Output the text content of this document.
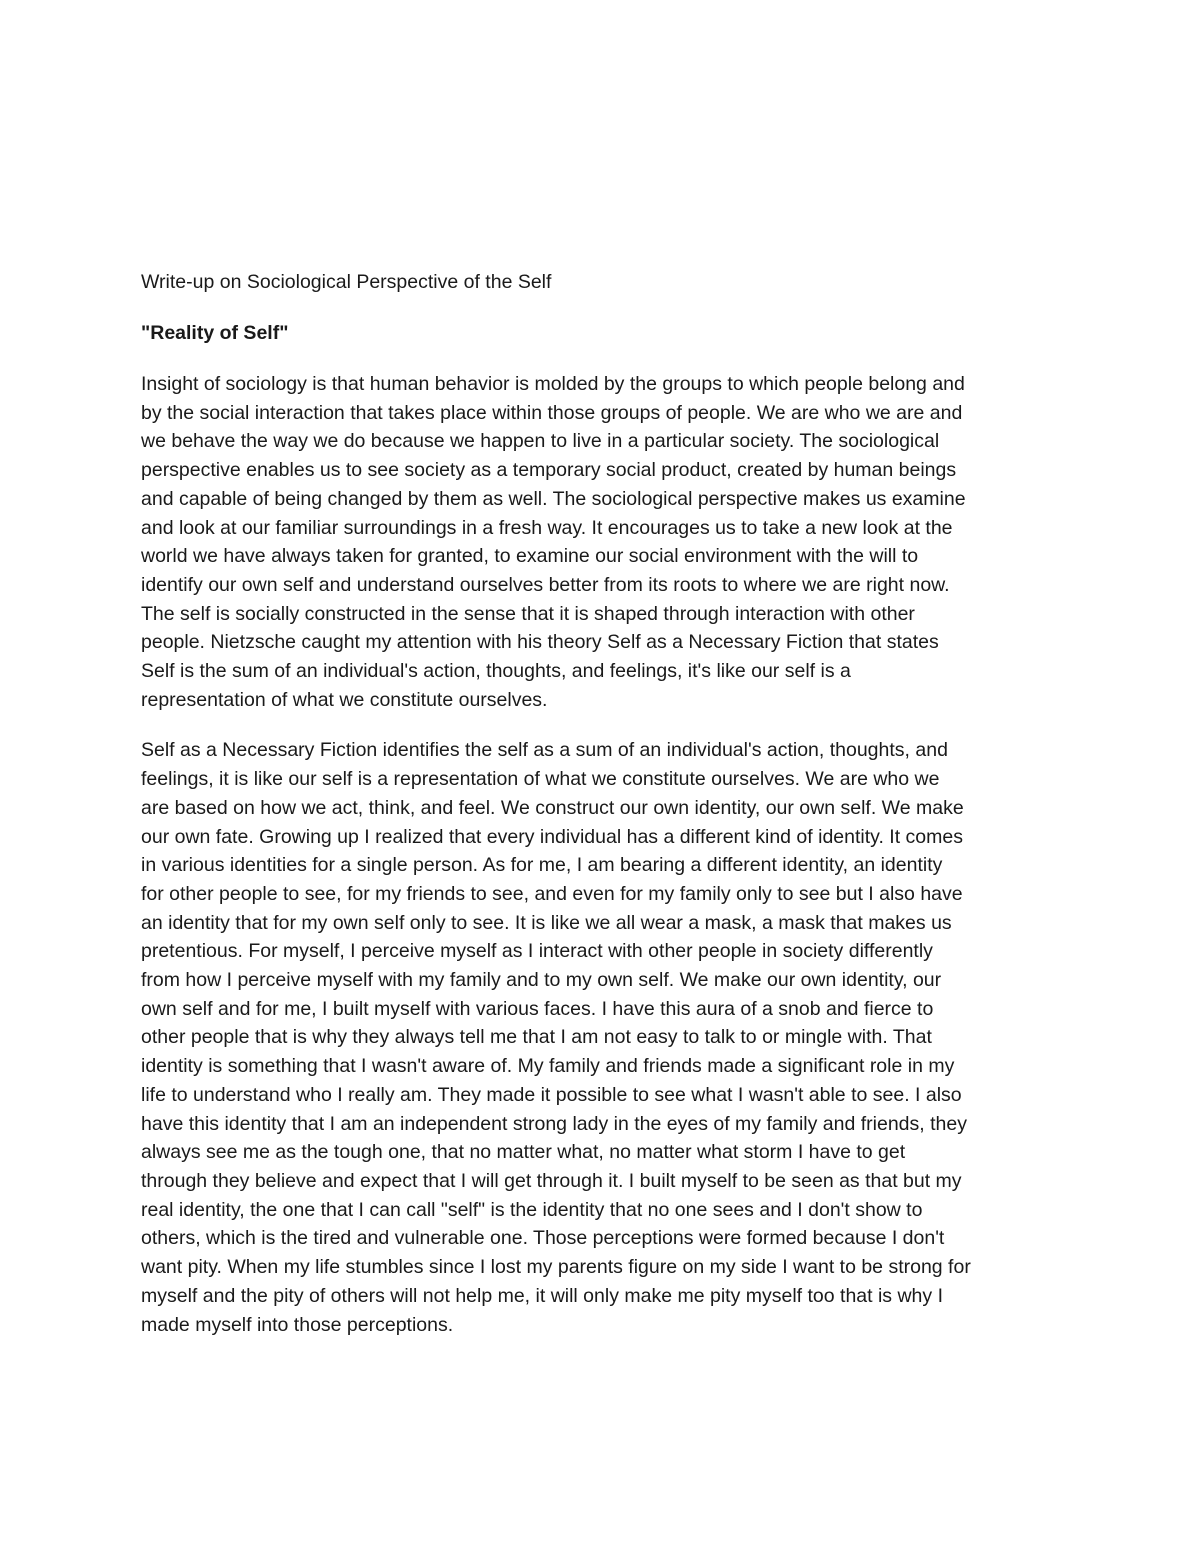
Write-up on Sociological Perspective of the Self
"Reality of Self"
Insight of sociology is that human behavior is molded by the groups to which people belong and
by the social interaction that takes place within those groups of people. We are who we are and
we behave the way we do because we happen to live in a particular society. The sociological
perspective enables us to see society as a temporary social product, created by human beings
and capable of being changed by them as well. The sociological perspective makes us examine
and look at our familiar surroundings in a fresh way. It encourages us to take a new look at the
world we have always taken for granted, to examine our social environment with the will to
identify our own self and understand ourselves better from its roots to where we are right now.
The self is socially constructed in the sense that it is shaped through interaction with other
people. Nietzsche caught my attention with his theory Self as a Necessary Fiction that states
Self is the sum of an individual's action, thoughts, and feelings, it's like our self is a
representation of what we constitute ourselves.
Self as a Necessary Fiction identifies the self as a sum of an individual's action, thoughts, and
feelings, it is like our self is a representation of what we constitute ourselves. We are who we
are based on how we act, think, and feel. We construct our own identity, our own self. We make
our own fate. Growing up I realized that every individual has a different kind of identity. It comes
in various identities for a single person. As for me, I am bearing a different identity, an identity
for other people to see, for my friends to see, and even for my family only to see but I also have
an identity that for my own self only to see. It is like we all wear a mask, a mask that makes us
pretentious. For myself, I perceive myself as I interact with other people in society differently
from how I perceive myself with my family and to my own self. We make our own identity, our
own self and for me, I built myself with various faces. I have this aura of a snob and fierce to
other people that is why they always tell me that I am not easy to talk to or mingle with. That
identity is something that I wasn't aware of. My family and friends made a significant role in my
life to understand who I really am. They made it possible to see what I wasn't able to see. I also
have this identity that I am an independent strong lady in the eyes of my family and friends, they
always see me as the tough one, that no matter what, no matter what storm I have to get
through they believe and expect that I will get through it. I built myself to be seen as that but my
real identity, the one that I can call "self" is the identity that no one sees and I don't show to
others, which is the tired and vulnerable one. Those perceptions were formed because I don't
want pity. When my life stumbles since I lost my parents figure on my side I want to be strong for
myself and the pity of others will not help me, it will only make me pity myself too that is why I
made myself into those perceptions.
